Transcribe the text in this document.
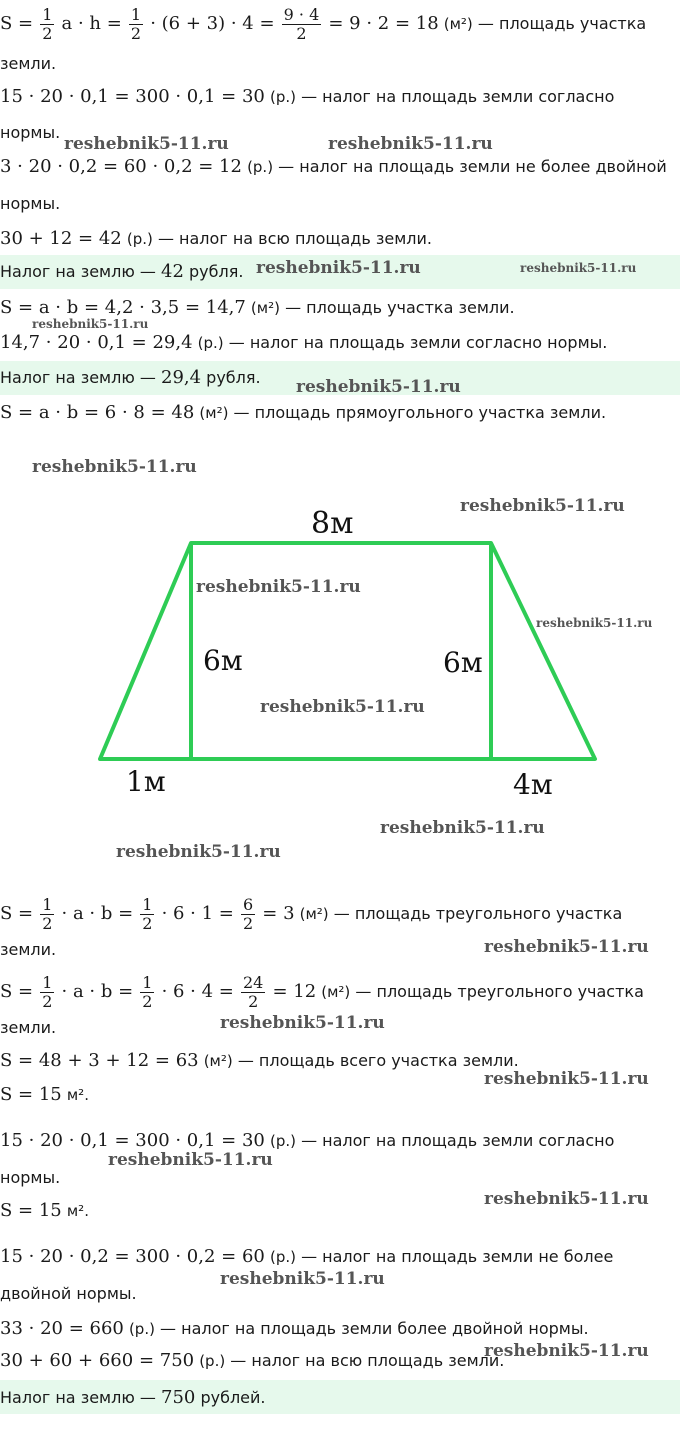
$S = \frac{1}{2}$ $a \cdot h = \frac{1}{2} \cdot (6 + 3) \cdot 4 = \frac{9 \cdot 4}{2} = 9 \cdot 2 = 18$ (м²) — площадь участка
земли.
15 · 20 · 0,1 = 300 · 0,1 = 30 (р.) — налог на площадь земли согласно
нормы.
3 · 20 · 0,2 = 60 · 0,2 = 12 (р.) — налог на площадь земли не более двойной
нормы.
30 + 12 = 42 (р.) — налог на всю площадь земли.
Налог на землю — 42 рубля.
S = a · b = 4,2 · 3,5 = 14,7 (м²) — площадь участка земли.
14,7 · 20 · 0,1 = 29,4 (р.) — налог на площадь земли согласно нормы.
Налог на землю — 29,4 рубля.
S = a · b = 6 · 8 = 48 (м²) — площадь прямоугольного участка земли.
8м
6м	6м
1м	4м
$S = \frac{1}{2} \cdot a \cdot b = \frac{1}{2} \cdot 6 \cdot 1 = \frac{6}{2} = 3$ (м²) — площадь треугольного участка
земли.
$S = \frac{1}{2} \cdot a \cdot b = \frac{1}{2} \cdot 6 \cdot 4 = \frac{24}{2} = 12$ (м²) — площадь треугольного участка
земли.
S = 48 + 3 + 12 = 63 (м²) — площадь всего участка земли.
S = 15 м².
15 · 20 · 0,1 = 300 · 0,1 = 30 (р.) — налог на площадь земли согласно
нормы.
S = 15 м².
15 · 20 · 0,2 = 300 · 0,2 = 60 (р.) — налог на площадь земли не более
двойной нормы.
33 · 20 = 660 (р.) — налог на площадь земли более двойной нормы.
30 + 60 + 660 = 750 (р.) — налог на всю площадь земли.
Налог на землю — 750 рублей.
reshebnik5-11.ru	reshebnik5-11.ru
reshebnik5-11.ru	reshebnik5-11.ru
reshebnik5-11.ru
reshebnik5-11.ru
reshebnik5-11.ru
reshebnik5-11.ru
reshebnik5-11.ru
reshebnik5-11.ru
reshebnik5-11.ru
reshebnik5-11.ru
reshebnik5-11.ru
reshebnik5-11.ru
reshebnik5-11.ru
reshebnik5-11.ru
reshebnik5-11.ru
reshebnik5-11.ru
reshebnik5-11.ru
reshebnik5-11.ru
